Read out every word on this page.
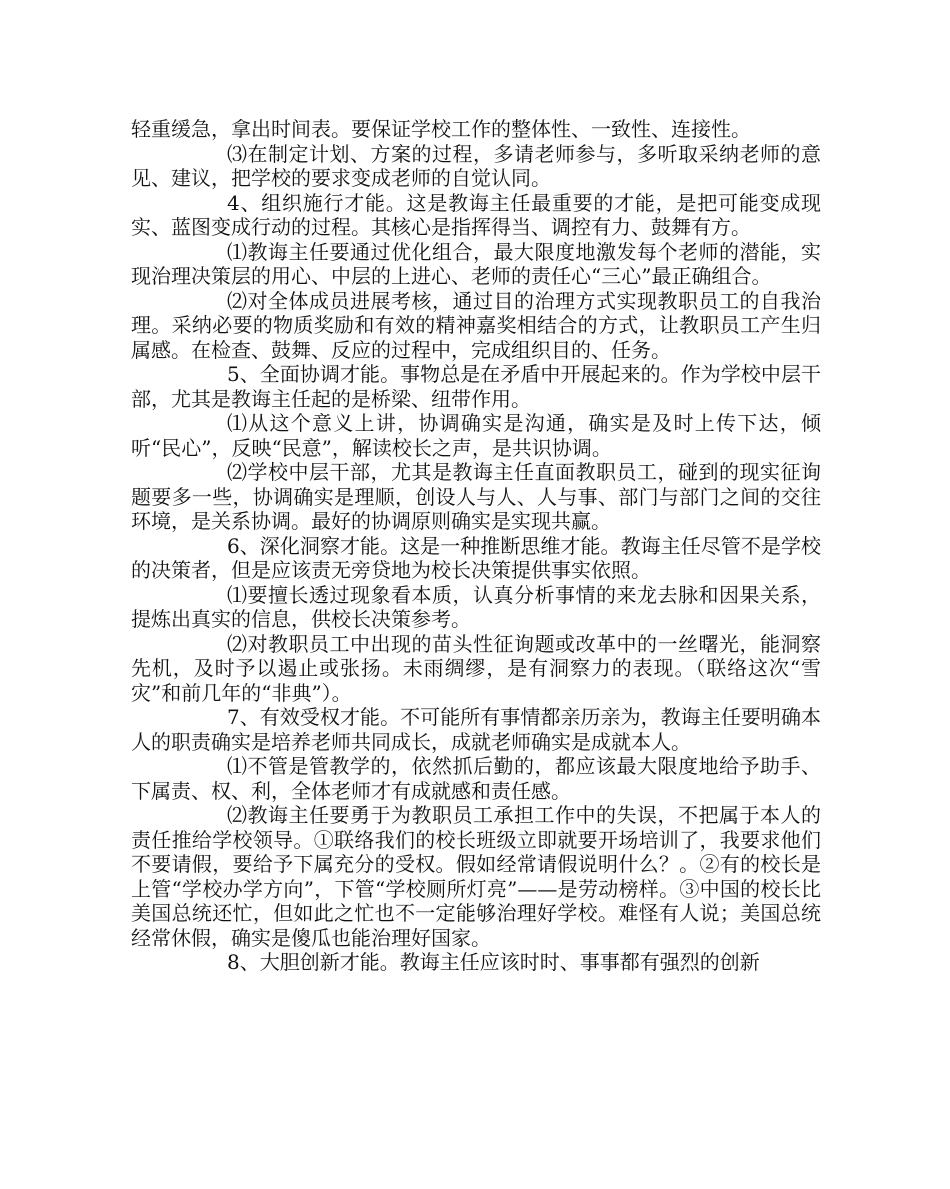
轻重缓急，拿出时间表。要保证学校工作的整体性、一致性、连接性。

⑶在制定计划、方案的过程，多请老师参与，多听取采纳老师的意见、建议，把学校的要求变成老师的自觉认同。

4、组织施行才能。这是教诲主任最重要的才能，是把可能变成现实、蓝图变成行动的过程。其核心是指挥得当、调控有力、鼓舞有方。

⑴教诲主任要通过优化组合，最大限度地激发每个老师的潜能，实现治理决策层的用心、中层的上进心、老师的责任心“三心”最正确组合。

⑵对全体成员进展考核，通过目的治理方式实现教职员工的自我治理。采纳必要的物质奖励和有效的精神嘉奖相结合的方式，让教职员工产生归属感。在检查、鼓舞、反应的过程中，完成组织目的、任务。

5、全面协调才能。事物总是在矛盾中开展起来的。作为学校中层干部，尤其是教诲主任起的是桥梁、纽带作用。

⑴从这个意义上讲，协调确实是沟通，确实是及时上传下达，倾听“民心”，反映“民意”，解读校长之声，是共识协调。

⑵学校中层干部，尤其是教诲主任直面教职员工，碰到的现实征询题要多一些，协调确实是理顺，创设人与人、人与事、部门与部门之间的交往环境，是关系协调。最好的协调原则确实是实现共赢。

6、深化洞察才能。这是一种推断思维才能。教诲主任尽管不是学校的决策者，但是应该责无旁贷地为校长决策提供事实依照。

⑴要擅长透过现象看本质，认真分析事情的来龙去脉和因果关系，提炼出真实的信息，供校长决策参考。

⑵对教职员工中出现的苗头性征询题或改革中的一丝曙光，能洞察先机，及时予以遏止或张扬。未雨绸缪，是有洞察力的表现。（联络这次“雪灾”和前几年的“非典”）。

7、有效受权才能。不可能所有事情都亲历亲为，教诲主任要明确本人的职责确实是培养老师共同成长，成就老师确实是成就本人。

⑴不管是管教学的，依然抓后勤的，都应该最大限度地给予助手、下属责、权、利，全体老师才有成就感和责任感。

⑵教诲主任要勇于为教职员工承担工作中的失误，不把属于本人的责任推给学校领导。①联络我们的校长班级立即就要开场培训了，我要求他们不要请假，要给予下属充分的受权。假如经常请假说明什么？。②有的校长是上管“学校办学方向”，下管“学校厕所灯亮”——是劳动榜样。③中国的校长比美国总统还忙，但如此之忙也不一定能够治理好学校。难怪有人说；美国总统经常休假，确实是傻瓜也能治理好国家。

8、大胆创新才能。教诲主任应该时时、事事都有强烈的创新
